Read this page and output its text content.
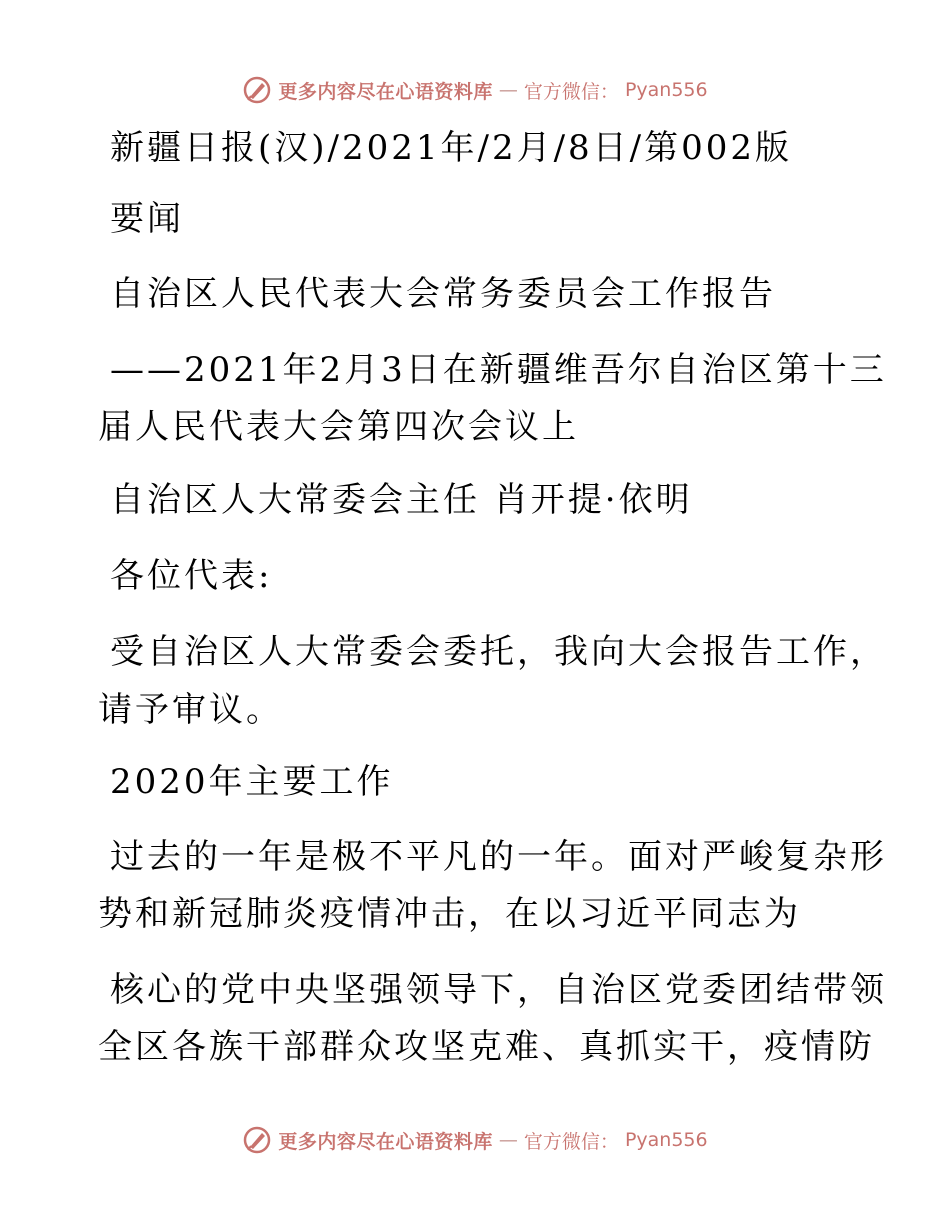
更多内容尽在心语资料库 — 官方微信： Pyan556
新疆日报(汉)/2021年/2月/8日/第002版
要闻
自治区人民代表大会常务委员会工作报告
——2021年2月3日在新疆维吾尔自治区第十三
届人民代表大会第四次会议上
自治区人大常委会主任 肖开提·依明
各位代表:
受自治区人大常委会委托，我向大会报告工作，
请予审议。
2020年主要工作
过去的一年是极不平凡的一年。面对严峻复杂形
势和新冠肺炎疫情冲击，在以习近平同志为
核心的党中央坚强领导下，自治区党委团结带领
全区各族干部群众攻坚克难、真抓实干，疫情防
更多内容尽在心语资料库 — 官方微信： Pyan556
